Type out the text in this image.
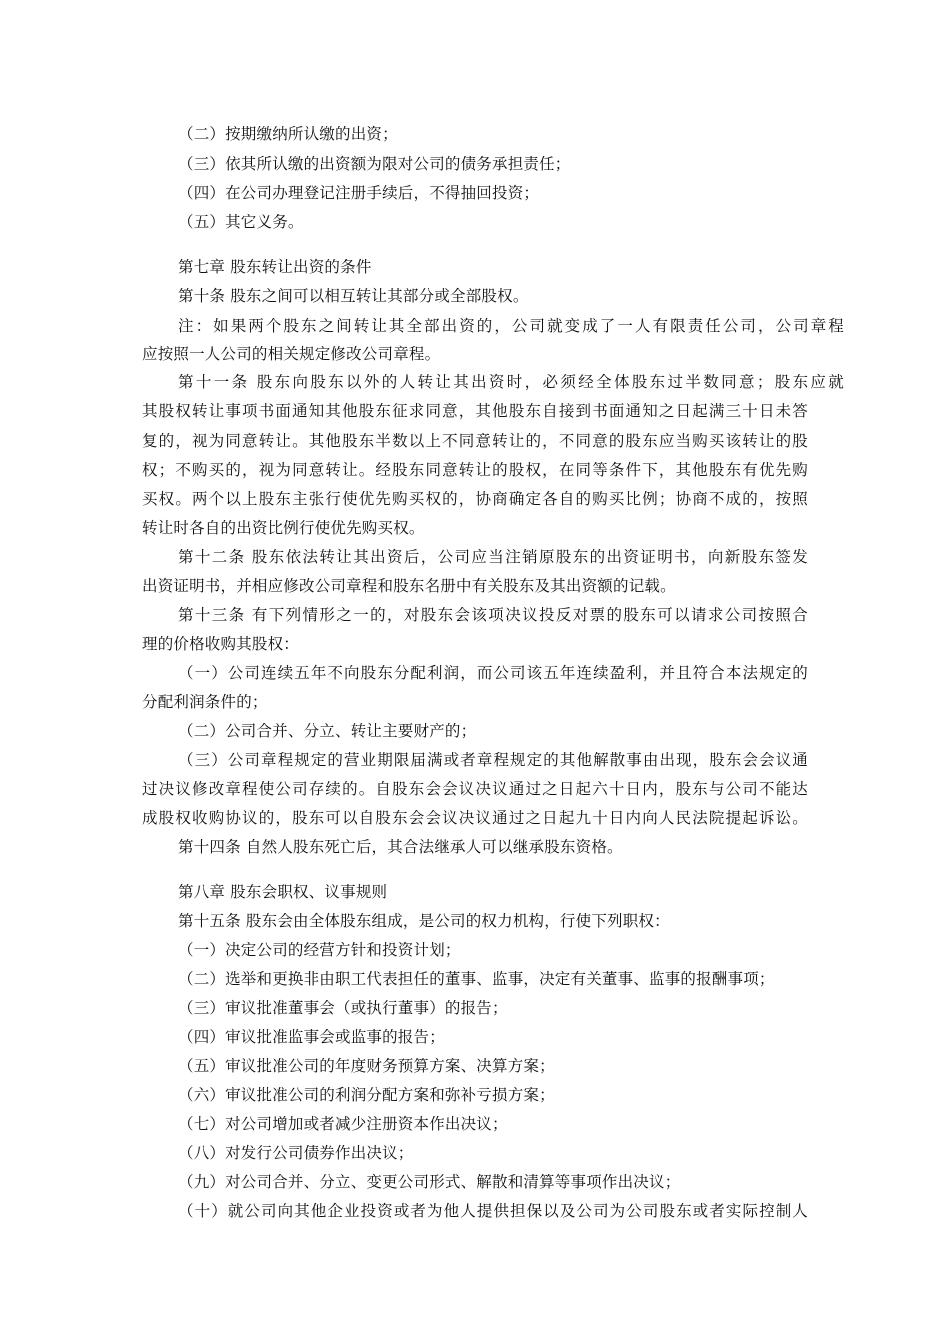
（二）按期缴纳所认缴的出资；
（三）依其所认缴的出资额为限对公司的债务承担责任；
（四）在公司办理登记注册手续后，不得抽回投资；
（五）其它义务。
第七章 股东转让出资的条件
第十条 股东之间可以相互转让其部分或全部股权。
注：如果两个股东之间转让其全部出资的，公司就变成了一人有限责任公司，公司章程
应按照一人公司的相关规定修改公司章程。
第十一条 股东向股东以外的人转让其出资时，必须经全体股东过半数同意；股东应就
其股权转让事项书面通知其他股东征求同意，其他股东自接到书面通知之日起满三十日未答
复的，视为同意转让。其他股东半数以上不同意转让的，不同意的股东应当购买该转让的股
权；不购买的，视为同意转让。经股东同意转让的股权，在同等条件下，其他股东有优先购
买权。两个以上股东主张行使优先购买权的，协商确定各自的购买比例；协商不成的，按照
转让时各自的出资比例行使优先购买权。
第十二条 股东依法转让其出资后，公司应当注销原股东的出资证明书，向新股东签发
出资证明书，并相应修改公司章程和股东名册中有关股东及其出资额的记载。
第十三条 有下列情形之一的，对股东会该项决议投反对票的股东可以请求公司按照合
理的价格收购其股权：
（一）公司连续五年不向股东分配利润，而公司该五年连续盈利，并且符合本法规定的
分配利润条件的；
（二）公司合并、分立、转让主要财产的；
（三）公司章程规定的营业期限届满或者章程规定的其他解散事由出现，股东会会议通
过决议修改章程使公司存续的。自股东会会议决议通过之日起六十日内，股东与公司不能达
成股权收购协议的，股东可以自股东会会议决议通过之日起九十日内向人民法院提起诉讼。
第十四条 自然人股东死亡后，其合法继承人可以继承股东资格。
第八章 股东会职权、议事规则
第十五条 股东会由全体股东组成，是公司的权力机构，行使下列职权：
（一）决定公司的经营方针和投资计划；
（二）选举和更换非由职工代表担任的董事、监事，决定有关董事、监事的报酬事项；
（三）审议批准董事会（或执行董事）的报告；
（四）审议批准监事会或监事的报告；
（五）审议批准公司的年度财务预算方案、决算方案；
（六）审议批准公司的利润分配方案和弥补亏损方案；
（七）对公司增加或者减少注册资本作出决议；
（八）对发行公司债券作出决议；
（九）对公司合并、分立、变更公司形式、解散和清算等事项作出决议；
（十）就公司向其他企业投资或者为他人提供担保以及公司为公司股东或者实际控制人
